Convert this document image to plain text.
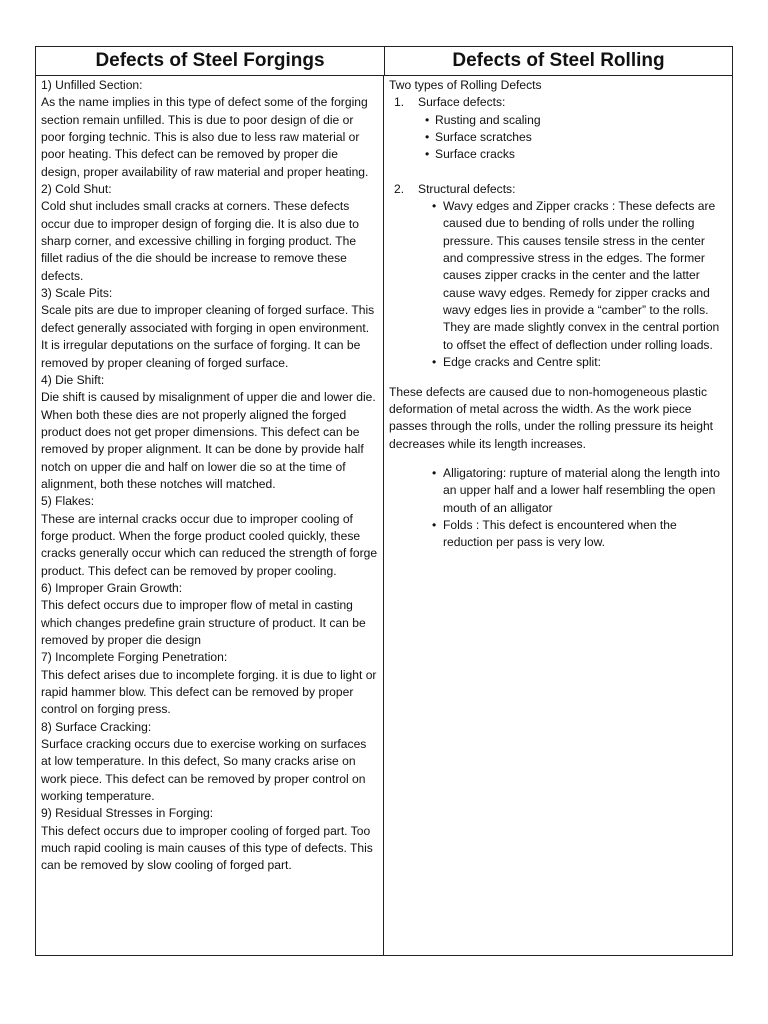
Defects of Steel Forgings	Defects of Steel Rolling

1) Unfilled Section:

As the name implies in this type of defect some of the forging section remain unfilled. This is due to poor design of die or poor forging technic. This is also due to less raw material or poor heating. This defect can be removed by proper die design, proper availability of raw material and proper heating.

2) Cold Shut:

Cold shut includes small cracks at corners. These defects occur due to improper design of forging die. It is also due to sharp corner, and excessive chilling in forging product. The fillet radius of the die should be increase to remove these defects.

3) Scale Pits:

Scale pits are due to improper cleaning of forged surface. This defect generally associated with forging in open environment. It is irregular deputations on the surface of forging. It can be removed by proper cleaning of forged surface.

4) Die Shift:

Die shift is caused by misalignment of upper die and lower die. When both these dies are not properly aligned the forged product does not get proper dimensions. This defect can be removed by proper alignment. It can be done by provide half notch on upper die and half on lower die so at the time of alignment, both these notches will matched.

5) Flakes:

These are internal cracks occur due to improper cooling of forge product. When the forge product cooled quickly, these cracks generally occur which can reduced the strength of forge product. This defect can be removed by proper cooling.

6) Improper Grain Growth:

This defect occurs due to improper flow of metal in casting which changes predefine grain structure of product. It can be removed by proper die design

7) Incomplete Forging Penetration:

This defect arises due to incomplete forging. it is due to light or rapid hammer blow. This defect can be removed by proper control on forging press.

8) Surface Cracking:

Surface cracking occurs due to exercise working on surfaces at low temperature. In this defect, So many cracks arise on work piece. This defect can be removed by proper control on working temperature.

9) Residual Stresses in Forging:

This defect occurs due to improper cooling of forged part. Too much rapid cooling is main causes of this type of defects. This can be removed by slow cooling of forged part.

Two types of Rolling Defects

1. Surface defects:
• Rusting and scaling
• Surface scratches
• Surface cracks
2. Structural defects:
• Wavy edges and Zipper cracks : These defects are caused due to bending of rolls under the rolling pressure. This causes tensile stress in the center and compressive stress in the edges. The former causes zipper cracks in the center and the latter cause wavy edges. Remedy for zipper cracks and wavy edges lies in provide a “camber” to the rolls. They are made slightly convex in the central portion to offset the effect of deflection under rolling loads.
• Edge cracks and Centre split:

These defects are caused due to non-homogeneous plastic deformation of metal across the width. As the work piece passes through the rolls, under the rolling pressure its height decreases while its length increases.

• Alligatoring: rupture of material along the length into an upper half and a lower half resembling the open mouth of an alligator
• Folds : This defect is encountered when the reduction per pass is very low.
